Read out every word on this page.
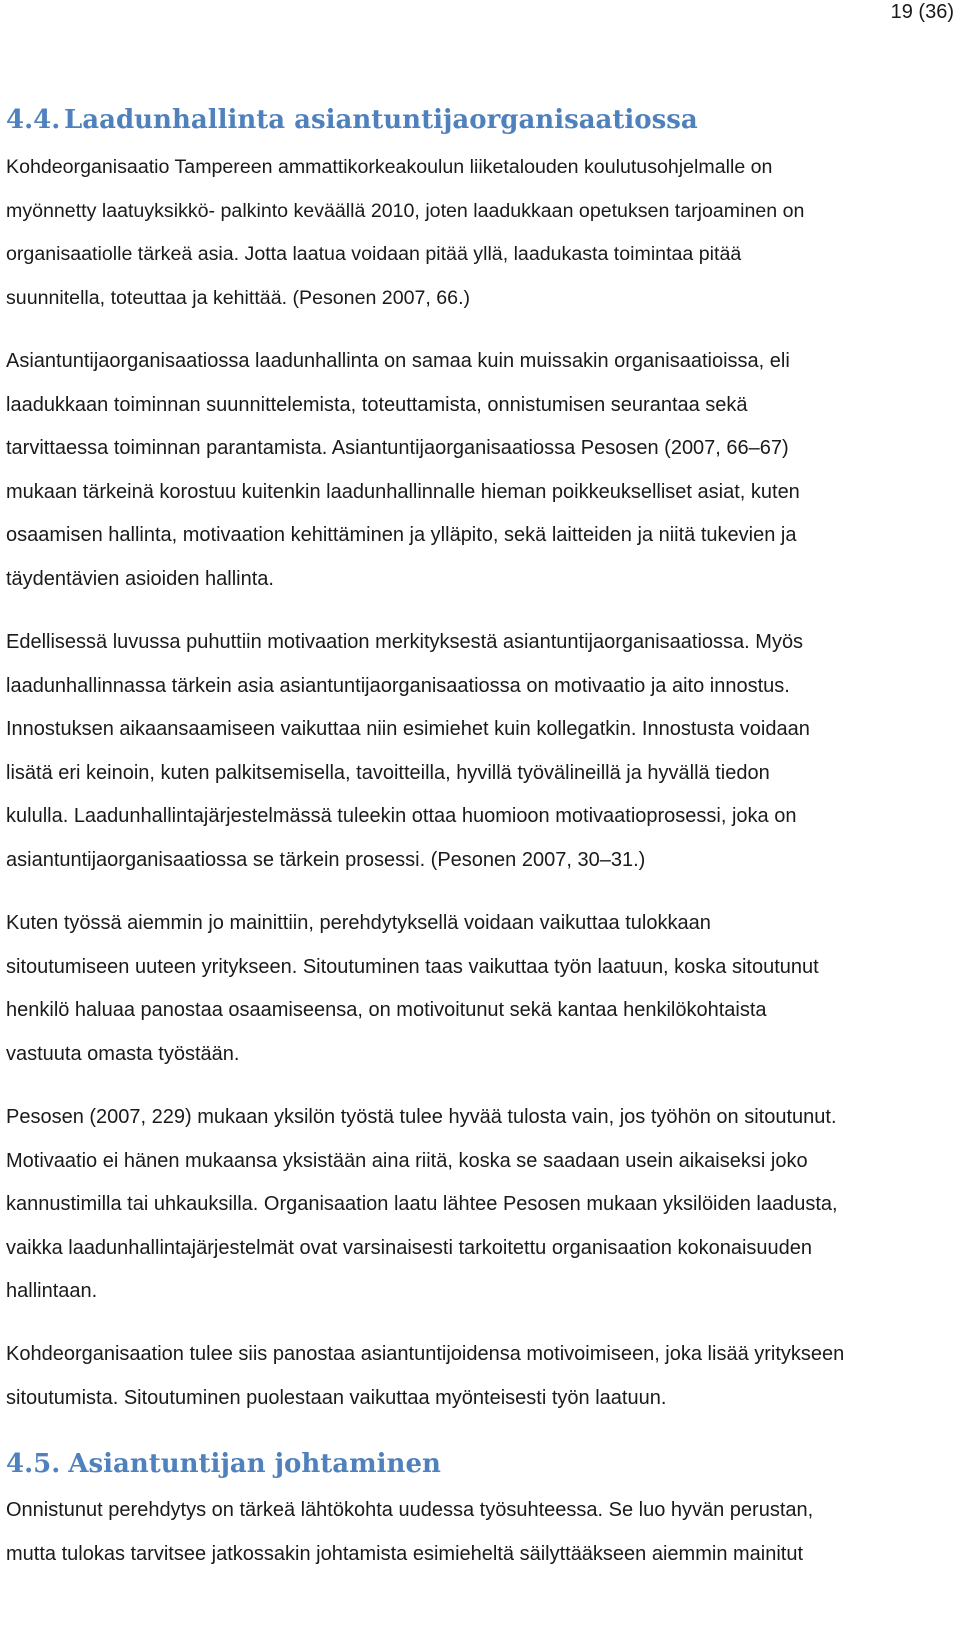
19 (36)
4.4. Laadunhallinta asiantuntijaorganisaatiossa
Kohdeorganisaatio Tampereen ammattikorkeakoulun liiketalouden koulutusohjelmalle on
myönnetty laatuyksikkö- palkinto keväällä 2010, joten laadukkaan opetuksen tarjoaminen on
organisaatiolle tärkeä asia. Jotta laatua voidaan pitää yllä, laadukasta toimintaa pitää
suunnitella, toteuttaa ja kehittää. (Pesonen 2007, 66.)
Asiantuntijaorganisaatiossa laadunhallinta on samaa kuin muissakin organisaatioissa, eli
laadukkaan toiminnan suunnittelemista, toteuttamista, onnistumisen seurantaa sekä
tarvittaessa toiminnan parantamista. Asiantuntijaorganisaatiossa Pesosen (2007, 66–67)
mukaan tärkeinä korostuu kuitenkin laadunhallinnalle hieman poikkeukselliset asiat, kuten
osaamisen hallinta, motivaation kehittäminen ja ylläpito, sekä laitteiden ja niitä tukevien ja
täydentävien asioiden hallinta.
Edellisessä luvussa puhuttiin motivaation merkityksestä asiantuntijaorganisaatiossa. Myös
laadunhallinnassa tärkein asia asiantuntijaorganisaatiossa on motivaatio ja aito innostus.
Innostuksen aikaansaamiseen vaikuttaa niin esimiehet kuin kollegatkin. Innostusta voidaan
lisätä eri keinoin, kuten palkitsemisella, tavoitteilla, hyvillä työvälineillä ja hyvällä tiedon
kululla. Laadunhallintajärjestelmässä tuleekin ottaa huomioon motivaatioprosessi, joka on
asiantuntijaorganisaatiossa se tärkein prosessi. (Pesonen 2007, 30–31.)
Kuten työssä aiemmin jo mainittiin, perehdytyksellä voidaan vaikuttaa tulokkaan
sitoutumiseen uuteen yritykseen. Sitoutuminen taas vaikuttaa työn laatuun, koska sitoutunut
henkilö haluaa panostaa osaamiseensa, on motivoitunut sekä kantaa henkilökohtaista
vastuuta omasta työstään.
Pesosen (2007, 229) mukaan yksilön työstä tulee hyvää tulosta vain, jos työhön on sitoutunut.
Motivaatio ei hänen mukaansa yksistään aina riitä, koska se saadaan usein aikaiseksi joko
kannustimilla tai uhkauksilla. Organisaation laatu lähtee Pesosen mukaan yksilöiden laadusta,
vaikka laadunhallintajärjestelmät ovat varsinaisesti tarkoitettu organisaation kokonaisuuden
hallintaan.
Kohdeorganisaation tulee siis panostaa asiantuntijoidensa motivoimiseen, joka lisää yritykseen
sitoutumista. Sitoutuminen puolestaan vaikuttaa myönteisesti työn laatuun.
4.5. Asiantuntijan johtaminen
Onnistunut perehdytys on tärkeä lähtökohta uudessa työsuhteessa. Se luo hyvän perustan,
mutta tulokas tarvitsee jatkossakin johtamista esimieheltä säilyttääkseen aiemmin mainitut
